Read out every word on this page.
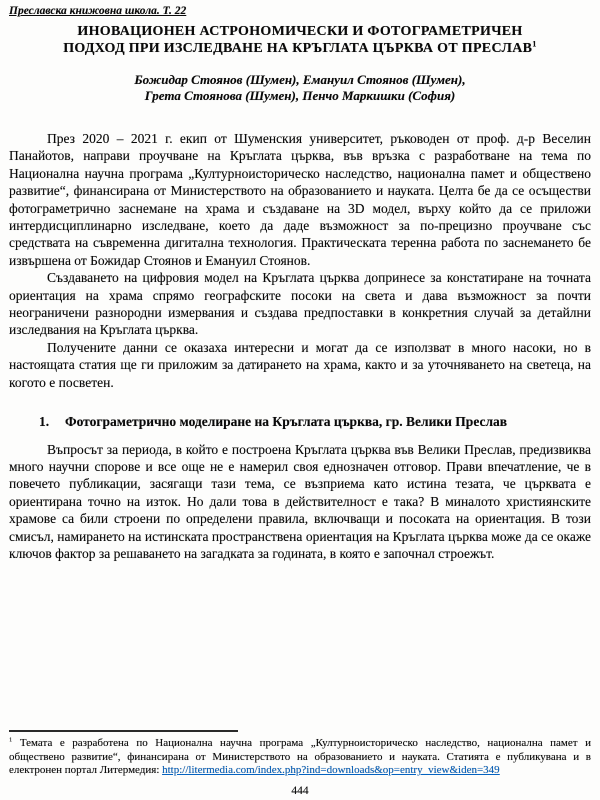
Преславска книжовна школа. Т. 22
ИНОВАЦИОНЕН АСТРОНОМИЧЕСКИ И ФОТОГРАМЕТРИЧЕН
ПОДХОД ПРИ ИЗСЛЕДВАНЕ НА КРЪГЛАТА ЦЪРКВА ОТ ПРЕСЛАВ$^1$
Божидар Стоянов (Шумен), Емануил Стоянов (Шумен),
Грета Стоянова (Шумен), Пенчо Маркишки (София)

През 2020 – 2021 г. екип от Шуменския университет, ръководен от проф. д-р Веселин Панайотов, направи проучване на Кръглата църква, във връзка с разработване на тема по Национална научна програма „Културноисторическо наследство, национална памет и обществено развитие“, финансирана от Министерството на образованието и науката. Целта бе да се осъществи фотограметрично заснемане на храма и създаване на 3D модел, върху който да се приложи интердисциплинарно изследване, което да даде възможност за по-прецизно проучване със средствата на съвременна дигитална технология. Практическата теренна работа по заснемането бе извършена от Божидар Стоянов и Емануил Стоянов.

Създаването на цифровия модел на Кръглата църква допринесе за констатиране на точната ориентация на храма спрямо географските посоки на света и дава възможност за почти неограничени разнородни измервания и създава предпоставки в конкретния случай за детайлни изследвания на Кръглата църква.

Получените данни се оказаха интересни и могат да се използват в много насоки, но в настоящата статия ще ги приложим за датирането на храма, както и за уточняването на светеца, на когото е посветен.

1. Фотограметрично моделиране на Кръглата църква, гр. Велики Преслав

Въпросът за периода, в който е построена Кръглата църква във Велики Преслав, предизвиква много научни спорове и все още не е намерил своя еднозначен отговор. Прави впечатление, че в повечето публикации, засягащи тази тема, се възприема като истина тезата, че църквата е ориентирана точно на изток. Но дали това в действителност е така? В миналото християнските храмове са били строени по определени правила, включващи и посоката на ориентация. В този смисъл, намирането на истинската пространствена ориентация на Кръглата църква може да се окаже ключов фактор за решаването на загадката за годината, в която е започнал строежът.

$^1$ Темата е разработена по Национална научна програма „Културноисторическо наследство, национална памет и обществено развитие“, финансирана от Министерството на образованието и науката. Статията е публикувана и в електронен портал Литермедия: http://litermedia.com/index.php?ind=downloads&op=entry_view&iden=349
444
